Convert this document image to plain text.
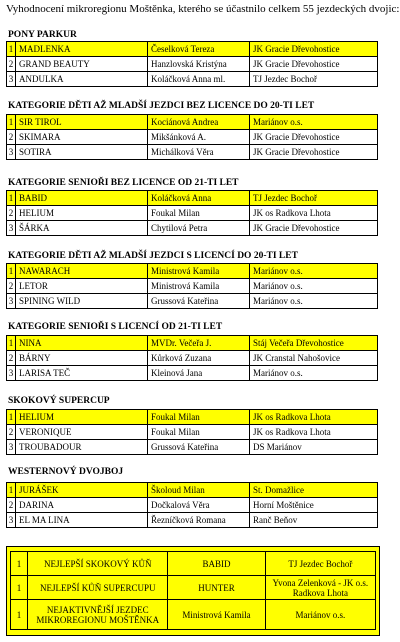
Vyhodnocení mikroregionu Moštěnka, kterého se účastnilo celkem 55 jezdeckých dvojic:
PONY PARKUR
1	MADLENKA	Česelková Tereza	JK Gracie Dřevohostice
2	GRAND BEAUTY	Hanzlovská Kristýna	JK Gracie Dřevohostice
3	ANDULKA	Koláčková Anna ml.	TJ Jezdec Bochoř
KATEGORIE DĚTI AŽ MLADŠÍ JEZDCI BEZ LICENCE DO 20-TI LET
1	SIR TIROL	Kociánová Andrea	Mariánov o.s.
2	SKIMARA	Mikšánková A.	JK Gracie Dřevohostice
3	SOTIRA	Michálková Věra	JK Gracie Dřevohostice
KATEGORIE SENIOŘI BEZ LICENCE OD 21-TI LET
1	BABID	Koláčková Anna	TJ Jezdec Bochoř
2	HELIUM	Foukal Milan	JK os Radkova Lhota
3	ŠÁRKA	Chytilová Petra	JK Gracie Dřevohostice
KATEGORIE DĚTI AŽ MLADŠÍ JEZDCI S LICENCÍ DO 20-TI LET
1	NAWARACH	Ministrová Kamila	Mariánov o.s.
2	LETOR	Ministrová Kamila	Mariánov o.s.
3	SPINING WILD	Grussová Kateřina	Mariánov o.s.
KATEGORIE SENIOŘI S LICENCÍ OD 21-TI LET
1	NINA	MVDr. Večeřa J.	Stáj Večeřa Dřevohostice
2	BÁRNY	Kůrková Zuzana	JK Cranstal Nahošovice
3	LARISA TEČ	Kleinová Jana	Mariánov o.s.
SKOKOVÝ SUPERCUP
1	HELIUM	Foukal Milan	JK os Radkova Lhota
2	VERONIQUE	Foukal Milan	JK os Radkova Lhota
3	TROUBADOUR	Grussová Kateřina	DS Mariánov
WESTERNOVÝ DVOJBOJ
1	JURÁŠEK	Školoud Milan	St. Domažlice
2	DARINA	Dočkalová Věra	Horní Moštěnice
3	EL MA LINA	Řezníčková Romana	Ranč Beňov
1	NEJLEPŠÍ SKOKOVÝ KŮŇ	BABID	TJ Jezdec Bochoř
1	NEJLEPŠÍ KŮŇ SUPERCUPU	HUNTER	Yvona Zelenková - JK o.s. Radkova Lhota
1	NEJAKTIVNĚJŠÍ JEZDEC MIKROREGIONU MOŠTĚNKA	Ministrová Kamila	Mariánov o.s.
